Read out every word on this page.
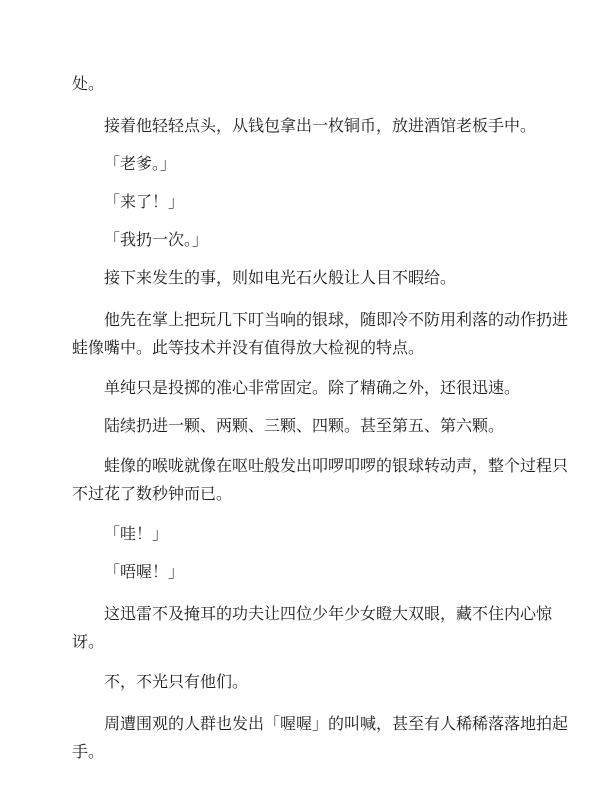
处。
接着他轻轻点头，从钱包拿出一枚铜币，放进酒馆老板手中。
「老爹。」
「来了！」
「我扔一次。」
接下来发生的事，则如电光石火般让人目不暇给。
他先在掌上把玩几下叮当响的银球，随即冷不防用利落的动作扔进
蛙像嘴中。此等技术并没有值得放大检视的特点。
单纯只是投掷的准心非常固定。除了精确之外，还很迅速。
陆续扔进一颗、两颗、三颗、四颗。甚至第五、第六颗。
蛙像的喉咙就像在呕吐般发出叩啰叩啰的银球转动声，整个过程只
不过花了数秒钟而已。
「哇！」
「唔喔！」
这迅雷不及掩耳的功夫让四位少年少女瞪大双眼，藏不住内心惊
讶。
不，不光只有他们。
周遭围观的人群也发出「喔喔」的叫喊，甚至有人稀稀落落地拍起
手。
